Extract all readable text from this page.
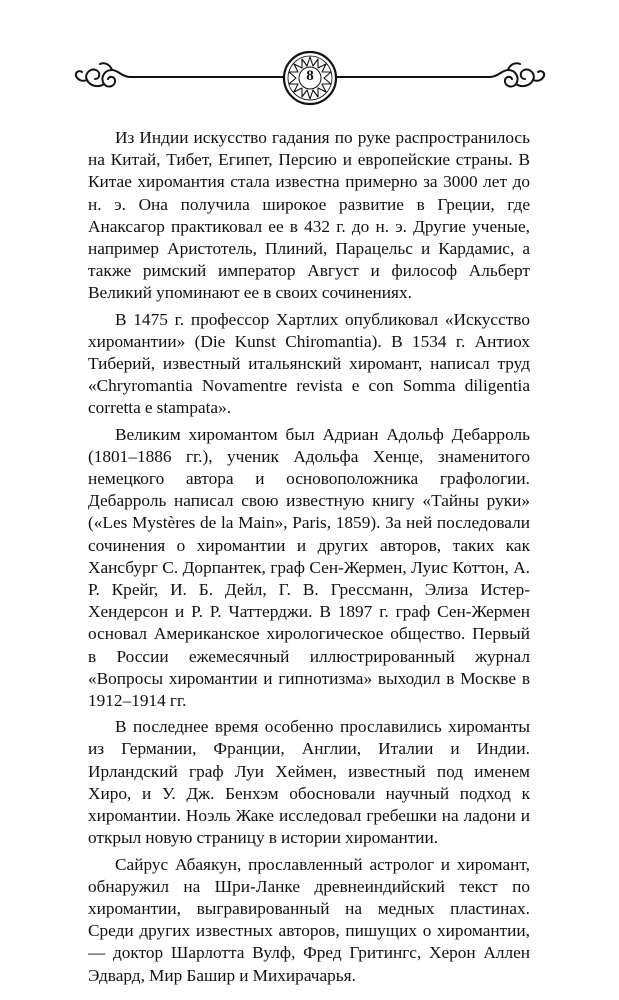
8

Из Индии искусство гадания по руке распространилось на Китай, Тибет, Египет, Персию и европейские страны. В Китае хиромантия стала известна примерно за 3000 лет до н. э. Она получила широкое развитие в Греции, где Анаксагор практиковал ее в 432 г. до н. э. Другие ученые, например Аристотель, Плиний, Парацельс и Кардамис, а также римский император Август и философ Альберт Великий упоминают ее в своих сочинениях.

В 1475 г. профессор Хартлих опубликовал «Искусство хиромантии» (Die Kunst Chiromantia). В 1534 г. Антиох Тиберий, известный итальянский хиромант, написал труд «Chryromantia Novamentre revista e con Somma diligentia corretta e stampata».

Великим хиромантом был Адриан Адольф Дебарроль (1801–1886 гг.), ученик Адольфа Хенце, знаменитого немецкого автора и основоположника графологии. Дебарроль написал свою известную книгу «Тайны руки» («Les Mystères de la Main», Paris, 1859). За ней последовали сочинения о хиромантии и других авторов, таких как Хансбург С. Дорпантек, граф Сен-Жермен, Луис Коттон, А. Р. Крейг, И. Б. Дейл, Г. В. Грессманн, Элиза Истер-Хендерсон и Р. Р. Чаттерджи. В 1897 г. граф Сен-Жермен основал Американское хирологическое общество. Первый в России ежемесячный иллюстрированный журнал «Вопросы хиромантии и гипнотизма» выходил в Москве в 1912–1914 гг.

В последнее время особенно прославились хироманты из Германии, Франции, Англии, Италии и Индии. Ирландский граф Луи Хеймен, известный под именем Хиро, и У. Дж. Бенхэм обосновали научный подход к хиромантии. Ноэль Жаке исследовал гребешки на ладони и открыл новую страницу в истории хиромантии.

Сайрус Абаякун, прославленный астролог и хиромант, обнаружил на Шри-Ланке древнеиндийский текст по хиромантии, выгравированный на медных пластинах. Среди других известных авторов, пишущих о хиромантии, — доктор Шарлотта Вулф, Фред Гритингс, Херон Аллен Эдвард, Мир Башир и Михирачарья.
